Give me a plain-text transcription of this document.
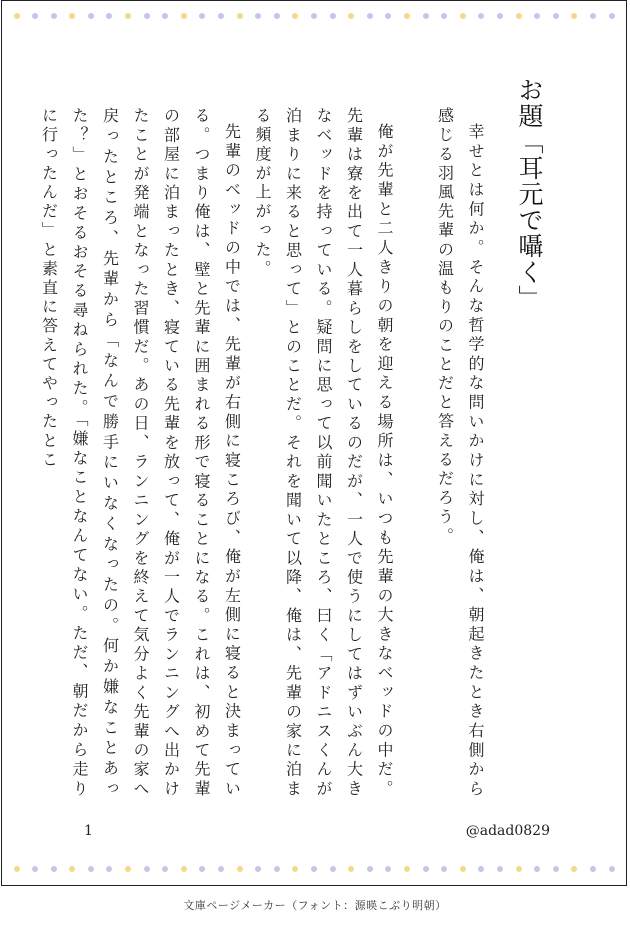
お題「耳元で囁く」

幸せとは何か。そんな哲学的な問いかけに対し、俺は、朝起きたとき右側から感じる羽風先輩の温もりのことだと答えるだろう。

俺が先輩と二人きりの朝を迎える場所は、いつも先輩の大きなベッドの中だ。先輩は寮を出て一人暮らしをしているのだが、一人で使うにしてはずいぶん大きなベッドを持っている。疑問に思って以前聞いたところ、曰く「アドニスくんが泊まりに来ると思って」とのことだ。それを聞いて以降、俺は、先輩の家に泊まる頻度が上がった。

先輩のベッドの中では、先輩が右側に寝ころび、俺が左側に寝ると決まっている。つまり俺は、壁と先輩に囲まれる形で寝ることになる。これは、初めて先輩の部屋に泊まったとき、寝ている先輩を放って、俺が一人でランニングへ出かけたことが発端となった習慣だ。あの日、ランニングを終えて気分よく先輩の家へ戻ったところ、先輩から「なんで勝手にいなくなったの。何か嫌なことあった？」とおそるおそる尋ねられた。「嫌なことなんてない。ただ、朝だから走りに行ったんだ」と素直に答えてやったとこ

1	@adad0829
文庫ページメーカー（フォント：源暎こぶり明朝）
